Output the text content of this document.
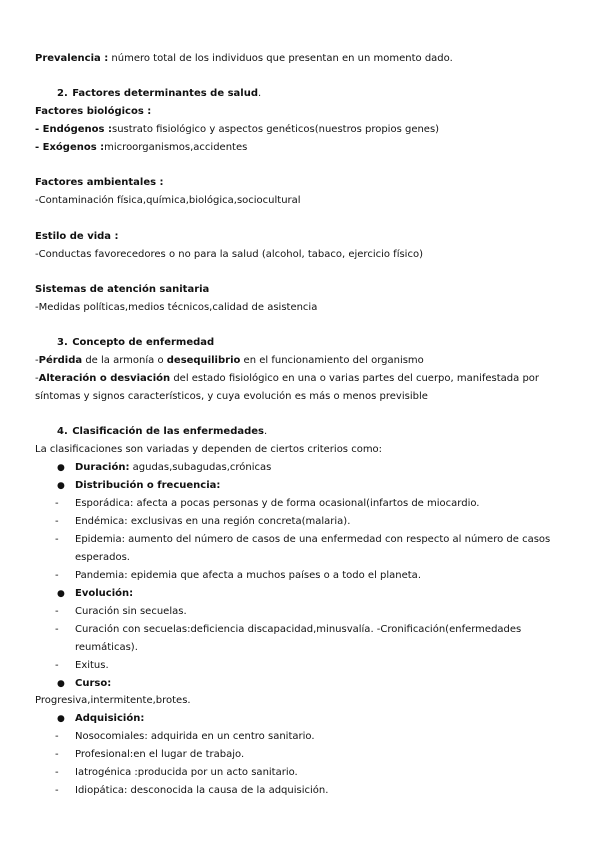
Prevalencia : número total de los individuos que presentan en un momento dado.
2. Factores determinantes de salud.
Factores biológicos :
- Endógenos :sustrato fisiológico y aspectos genéticos(nuestros propios genes)
- Exógenos :microorganismos,accidentes
Factores ambientales :
-Contaminación física,química,biológica,sociocultural
Estilo de vida :
-Conductas favorecedores o no para la salud (alcohol, tabaco, ejercicio físico)
Sistemas de atención sanitaria
-Medidas políticas,medios técnicos,calidad de asistencia
3. Concepto de enfermedad
-Pérdida de la armonía o desequilibrio en el funcionamiento del organismo
-Alteración o desviación del estado fisiológico en una o varias partes del cuerpo, manifestada por
síntomas y signos característicos, y cuya evolución es más o menos previsible
4. Clasificación de las enfermedades.
La clasificaciones son variadas y dependen de ciertos criterios como:
● Duración: agudas,subagudas,crónicas
● Distribución o frecuencia:
- Esporádica: afecta a pocas personas y de forma ocasional(infartos de miocardio.
- Endémica: exclusivas en una región concreta(malaria).
- Epidemia: aumento del número de casos de una enfermedad con respecto al número de casos
esperados.
- Pandemia: epidemia que afecta a muchos países o a todo el planeta.
● Evolución:
- Curación sin secuelas.
- Curación con secuelas:deficiencia discapacidad,minusvalía. -Cronificación(enfermedades
reumáticas).
- Exitus.
● Curso:
Progresiva,intermitente,brotes.
● Adquisición:
- Nosocomiales: adquirida en un centro sanitario.
- Profesional:en el lugar de trabajo.
- Iatrogénica :producida por un acto sanitario.
- Idiopática: desconocida la causa de la adquisición.
